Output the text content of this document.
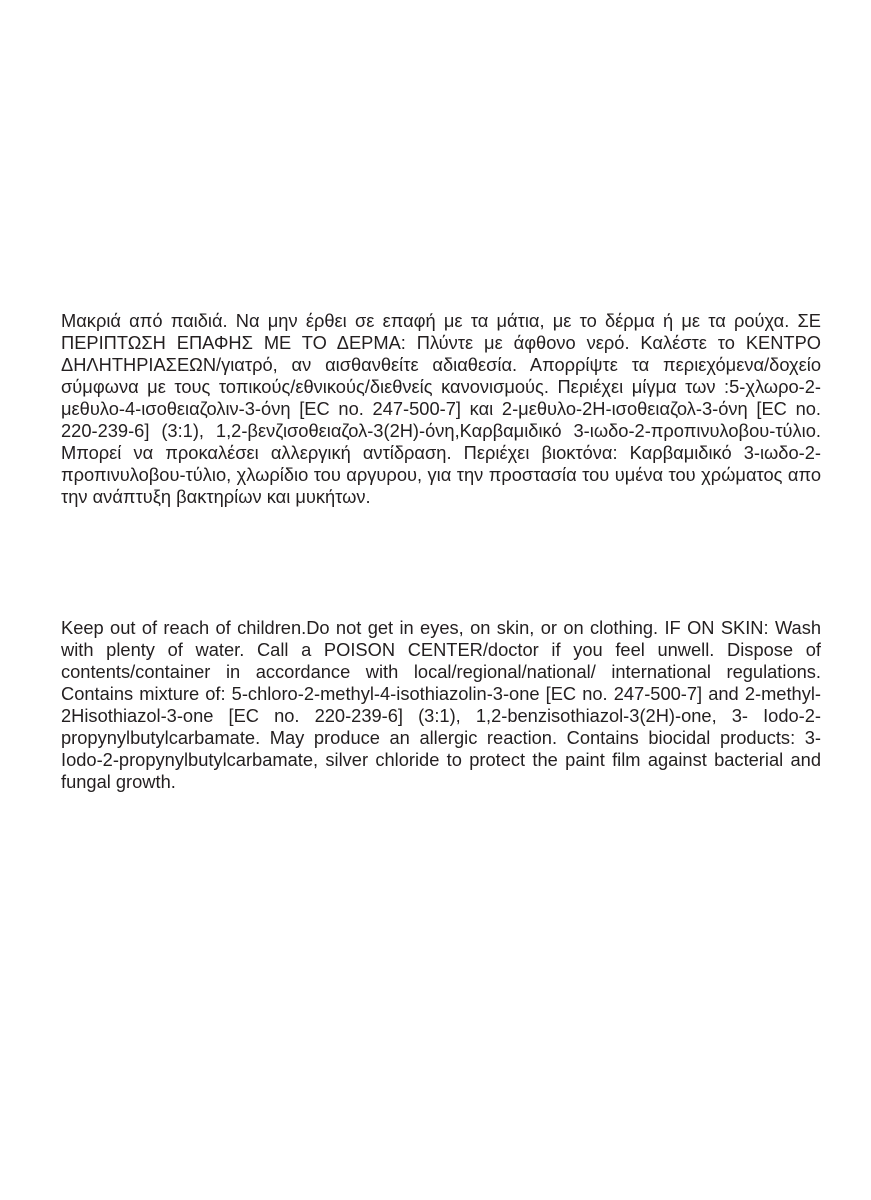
Μακριά από παιδιά. Να μην έρθει σε επαφή με τα μάτια, με το δέρμα ή με τα ρούχα. ΣΕ ΠΕΡΙΠΤΩΣΗ ΕΠΑΦΗΣ ΜΕ ΤΟ ΔΕΡΜΑ: Πλύντε με άφθονο νερό. Καλέστε το ΚΕΝΤΡΟ ΔΗΛΗΤΗΡΙΑΣΕΩΝ/γιατρό, αν αισθανθείτε αδιαθεσία. Απορρίψτε τα περιεχόμενα/δοχείο σύμφωνα με τους τοπικούς/εθνικούς/διεθνείς κανονισμούς. Περιέχει μίγμα των :5-χλωρο-2-μεθυλο-4-ισοθειαζολιν-3-όνη [EC no. 247-500-7] και 2-μεθυλο-2Η-ισοθειαζολ-3-όνη [EC no. 220-239-6] (3:1), 1,2-βενζισοθειαζολ-3(2Η)-όνη,Καρβαμιδικό 3-ιωδο-2-προπινυλοβου-τύλιο. Μπορεί να προκαλέσει αλλεργική αντίδραση. Περιέχει βιοκτόνα: Καρβαμιδικό 3-ιωδο-2-προπινυλοβου-τύλιο, χλωρίδιο του αργυρου, για την προστασία του υμένα του χρώματος απο την ανάπτυξη βακτηρίων και μυκήτων.

Keep out of reach of children.Do not get in eyes, on skin, or on clothing. IF ON SKIN: Wash with plenty of water. Call a POISON CENTER/doctor if you feel unwell. Dispose of contents/container in accordance with local/regional/national/ international regulations. Contains mixture of: 5-chloro-2-methyl-4-isothiazolin-3-one [EC no. 247-500-7] and 2-methyl-2Hisothiazol-3-one [EC no. 220-239-6] (3:1), 1,2-benzisothiazol-3(2H)-one, 3- Iodo-2-propynylbutylcarbamate. May produce an allergic reaction. Contains biocidal products: 3-Iodo-2-propynylbutylcarbamate, silver chloride to protect the paint film against bacterial and fungal growth.
